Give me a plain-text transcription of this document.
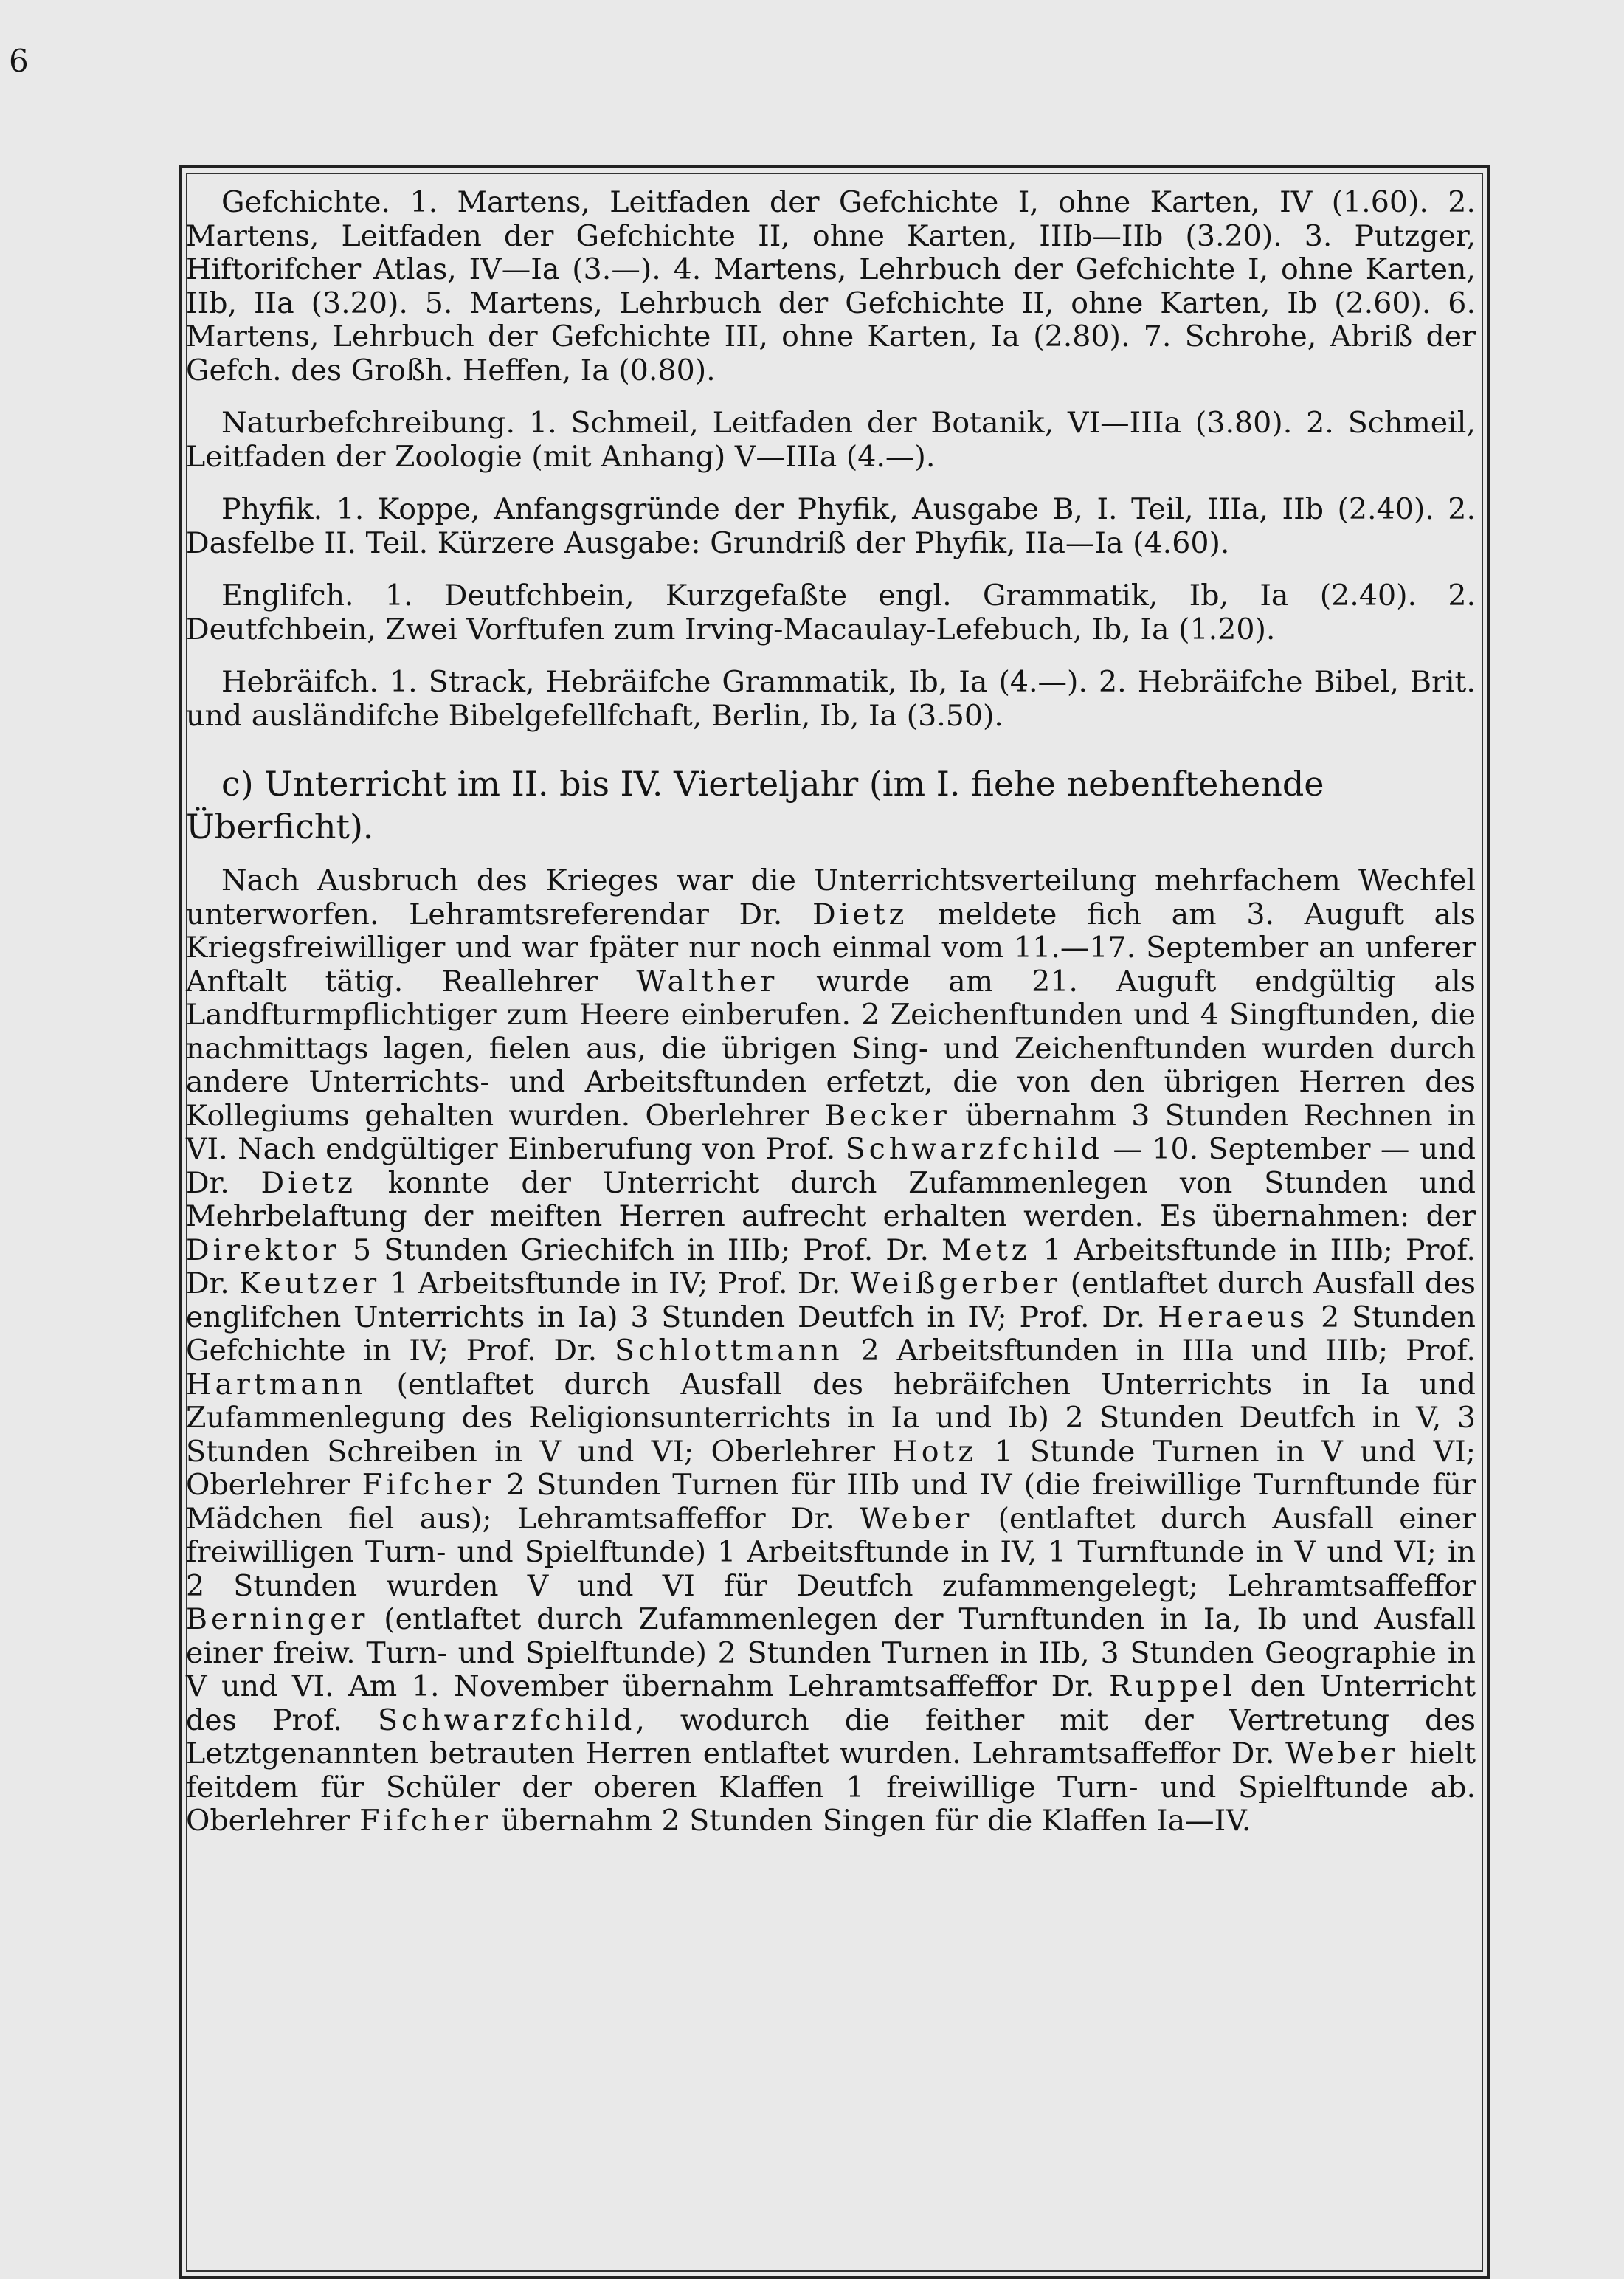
6

Gefchichte. 1. Martens, Leitfaden der Gefchichte I, ohne Karten, IV (1.60). 2. Martens, Leitfaden der Gefchichte II, ohne Karten, IIIb—IIb (3.20). 3. Putzger, Hiftorifcher Atlas, IV—Ia (3.—). 4. Martens, Lehrbuch der Gefchichte I, ohne Karten, IIb, IIa (3.20). 5. Martens, Lehrbuch der Gefchichte II, ohne Karten, Ib (2.60). 6. Martens, Lehrbuch der Gefchichte III, ohne Karten, Ia (2.80). 7. Schrohe, Abriß der Gefch. des Großh. Heffen, Ia (0.80).

Naturbefchreibung. 1. Schmeil, Leitfaden der Botanik, VI—IIIa (3.80). 2. Schmeil, Leitfaden der Zoologie (mit Anhang) V—IIIa (4.—).

Phyfik. 1. Koppe, Anfangsgründe der Phyfik, Ausgabe B, I. Teil, IIIa, IIb (2.40). 2. Dasfelbe II. Teil. Kürzere Ausgabe: Grundriß der Phyfik, IIa—Ia (4.60).

Englifch. 1. Deutfchbein, Kurzgefaßte engl. Grammatik, Ib, Ia (2.40). 2. Deutfchbein, Zwei Vorftufen zum Irving-Macaulay-Lefebuch, Ib, Ia (1.20).

Hebräifch. 1. Strack, Hebräifche Grammatik, Ib, Ia (4.—). 2. Hebräifche Bibel, Brit. und ausländifche Bibelgefellfchaft, Berlin, Ib, Ia (3.50).

c) Unterricht im II. bis IV. Vierteljahr (im I. fiehe nebenftehende Überficht).

Nach Ausbruch des Krieges war die Unterrichtsverteilung mehrfachem Wechfel unterworfen. Lehramtsreferendar Dr. Dietz meldete fich am 3. Auguft als Kriegsfreiwilliger und war fpäter nur noch einmal vom 11.—17. September an unferer Anftalt tätig. Reallehrer Walther wurde am 21. Auguft endgültig als Landfturmpflichtiger zum Heere einberufen. 2 Zeichenftunden und 4 Singftunden, die nachmittags lagen, fielen aus, die übrigen Sing- und Zeichenftunden wurden durch andere Unterrichts- und Arbeitsftunden erfetzt, die von den übrigen Herren des Kollegiums gehalten wurden. Oberlehrer Becker übernahm 3 Stunden Rechnen in VI. Nach endgültiger Einberufung von Prof. Schwarzfchild — 10. September — und Dr. Dietz konnte der Unterricht durch Zufammenlegen von Stunden und Mehrbelaftung der meiften Herren aufrecht erhalten werden. Es übernahmen: der Direktor 5 Stunden Griechifch in IIIb; Prof. Dr. Metz 1 Arbeitsftunde in IIIb; Prof. Dr. Keutzer 1 Arbeitsftunde in IV; Prof. Dr. Weißgerber (entlaftet durch Ausfall des englifchen Unterrichts in Ia) 3 Stunden Deutfch in IV; Prof. Dr. Heraeus 2 Stunden Gefchichte in IV; Prof. Dr. Schlottmann 2 Arbeitsftunden in IIIa und IIIb; Prof. Hartmann (entlaftet durch Ausfall des hebräifchen Unterrichts in Ia und Zufammenlegung des Religionsunterrichts in Ia und Ib) 2 Stunden Deutfch in V, 3 Stunden Schreiben in V und VI; Oberlehrer Hotz 1 Stunde Turnen in V und VI; Oberlehrer Fifcher 2 Stunden Turnen für IIIb und IV (die freiwillige Turnftunde für Mädchen fiel aus); Lehramtsaffeffor Dr. Weber (entlaftet durch Ausfall einer freiwilligen Turn- und Spielftunde) 1 Arbeitsftunde in IV, 1 Turnftunde in V und VI; in 2 Stunden wurden V und VI für Deutfch zufammengelegt; Lehramtsaffeffor Berninger (entlaftet durch Zufammenlegen der Turnftunden in Ia, Ib und Ausfall einer freiw. Turn- und Spielftunde) 2 Stunden Turnen in IIb, 3 Stunden Geographie in V und VI. Am 1. November übernahm Lehramtsaffeffor Dr. Ruppel den Unterricht des Prof. Schwarzfchild, wodurch die feither mit der Vertretung des Letztgenannten betrauten Herren entlaftet wurden. Lehramtsaffeffor Dr. Weber hielt feitdem für Schüler der oberen Klaffen 1 freiwillige Turn- und Spielftunde ab. Oberlehrer Fifcher übernahm 2 Stunden Singen für die Klaffen Ia—IV.
